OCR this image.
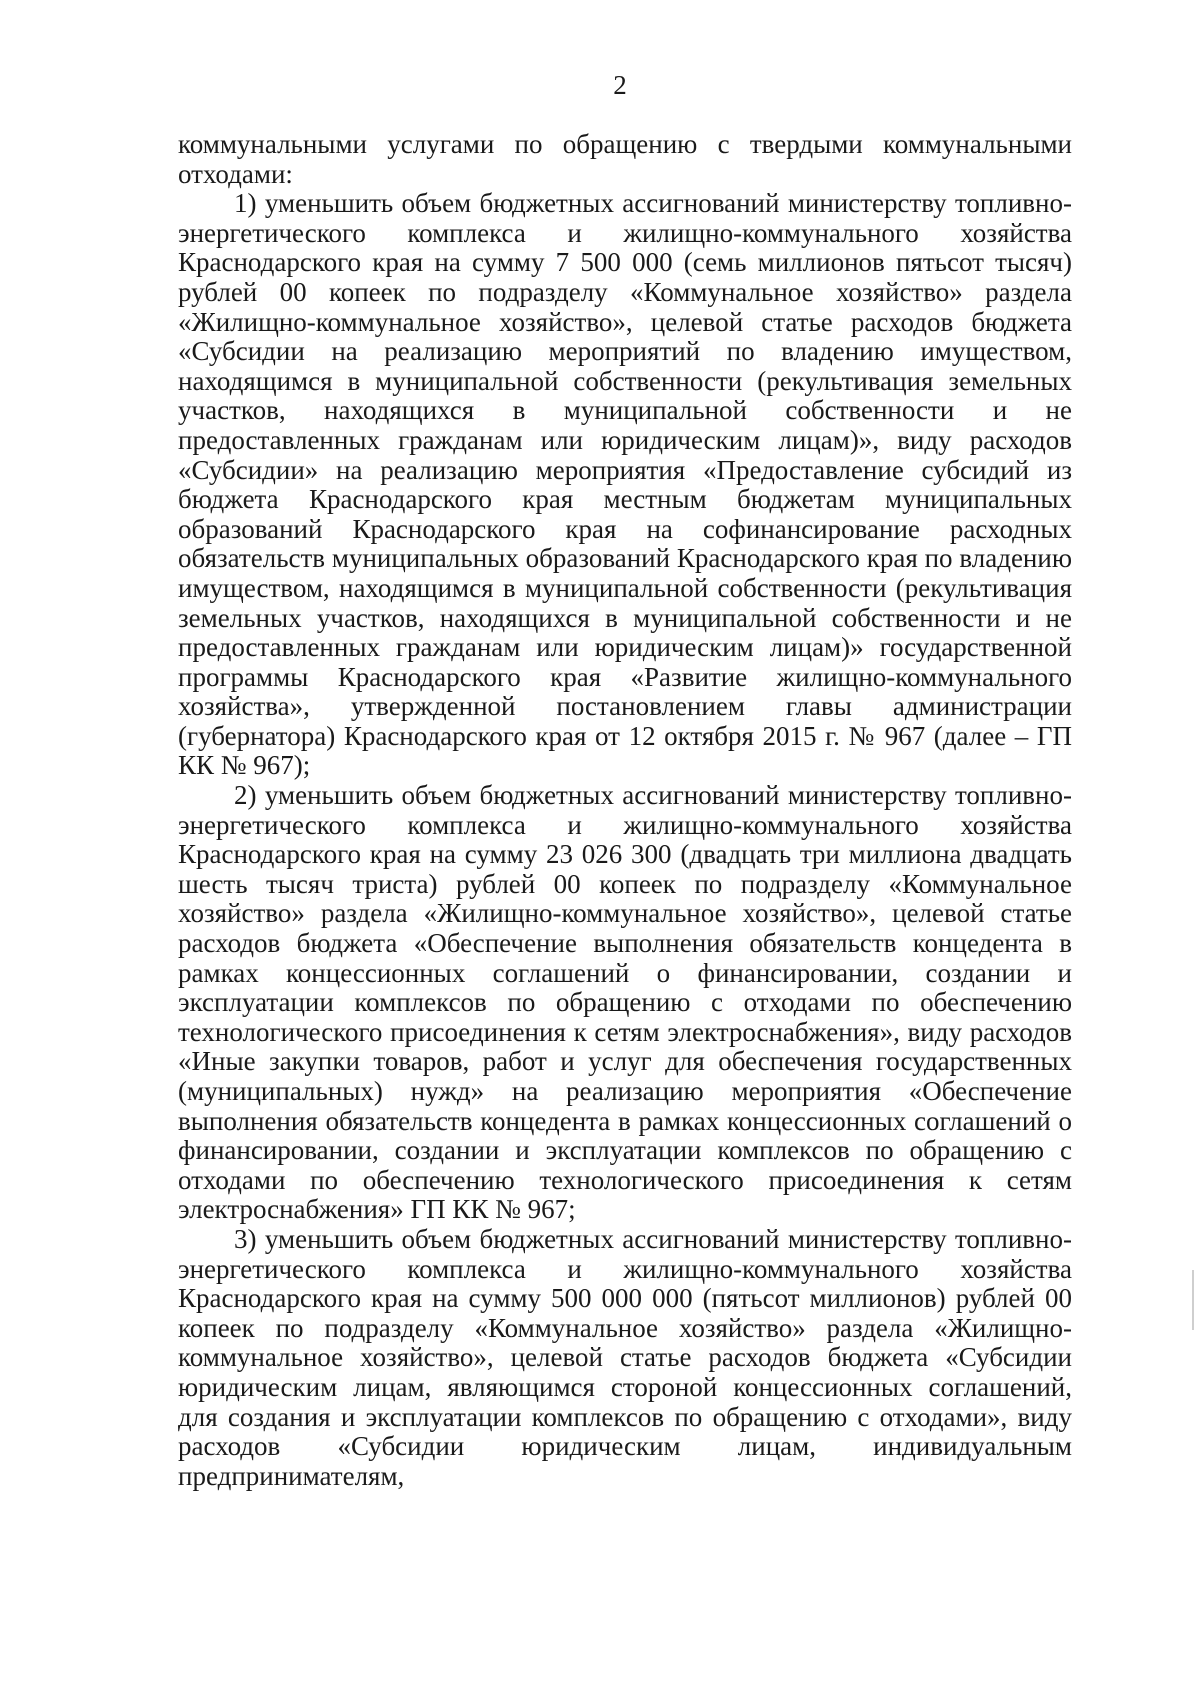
2

коммунальными услугами по обращению с твердыми коммунальными отходами:

1) уменьшить объем бюджетных ассигнований министерству топливно-энергетического комплекса и жилищно-коммунального хозяйства Краснодарского края на сумму 7 500 000 (семь миллионов пятьсот тысяч) рублей 00 копеек по подразделу «Коммунальное хозяйство» раздела «Жилищно-коммунальное хозяйство», целевой статье расходов бюджета «Субсидии на реализацию мероприятий по владению имуществом, находящимся в муниципальной собственности (рекультивация земельных участков, находящихся в муниципальной собственности и не предоставленных гражданам или юридическим лицам)», виду расходов «Субсидии» на реализацию мероприятия «Предоставление субсидий из бюджета Краснодарского края местным бюджетам муниципальных образований Краснодарского края на софинансирование расходных обязательств муниципальных образований Краснодарского края по владению имуществом, находящимся в муниципальной собственности (рекультивация земельных участков, находящихся в муниципальной собственности и не предоставленных гражданам или юридическим лицам)» государственной программы Краснодарского края «Развитие жилищно-коммунального хозяйства», утвержденной постановлением главы администрации (губернатора) Краснодарского края от 12 октября 2015 г. № 967 (далее – ГП КК № 967);

2) уменьшить объем бюджетных ассигнований министерству топливно-энергетического комплекса и жилищно-коммунального хозяйства Краснодарского края на сумму 23 026 300 (двадцать три миллиона двадцать шесть тысяч триста) рублей 00 копеек по подразделу «Коммунальное хозяйство» раздела «Жилищно-коммунальное хозяйство», целевой статье расходов бюджета «Обеспечение выполнения обязательств концедента в рамках концессионных соглашений о финансировании, создании и эксплуатации комплексов по обращению с отходами по обеспечению технологического присоединения к сетям электроснабжения», виду расходов «Иные закупки товаров, работ и услуг для обеспечения государственных (муниципальных) нужд» на реализацию мероприятия «Обеспечение выполнения обязательств концедента в рамках концессионных соглашений о финансировании, создании и эксплуатации комплексов по обращению с отходами по обеспечению технологического присоединения к сетям электроснабжения» ГП КК № 967;

3) уменьшить объем бюджетных ассигнований министерству топливно-энергетического комплекса и жилищно-коммунального хозяйства Краснодарского края на сумму 500 000 000 (пятьсот миллионов) рублей 00 копеек по подразделу «Коммунальное хозяйство» раздела «Жилищно-коммунальное хозяйство», целевой статье расходов бюджета «Субсидии юридическим лицам, являющимся стороной концессионных соглашений, для создания и эксплуатации комплексов по обращению с отходами», виду расходов «Субсидии юридическим лицам, индивидуальным предпринимателям,
